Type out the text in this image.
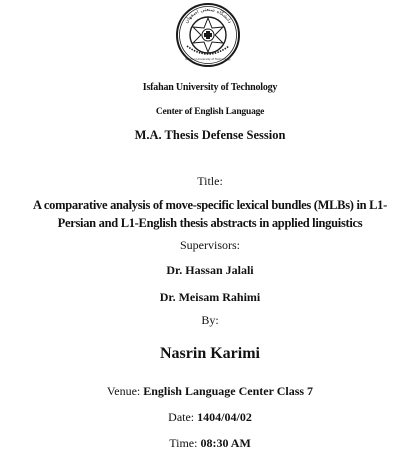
دانشگاه صنعتی اصفهان
Isfahan University of Technology
Isfahan University of Technology
Center of English Language
M.A. Thesis Defense Session
Title:
A comparative analysis of move-specific lexical bundles (MLBs) in L1-
Persian and L1-English thesis abstracts in applied linguistics
Supervisors:
Dr. Hassan Jalali
Dr. Meisam Rahimi
By:
Nasrin Karimi
Venue: English Language Center Class 7
Date: 1404/04/02
Time: 08:30 AM
